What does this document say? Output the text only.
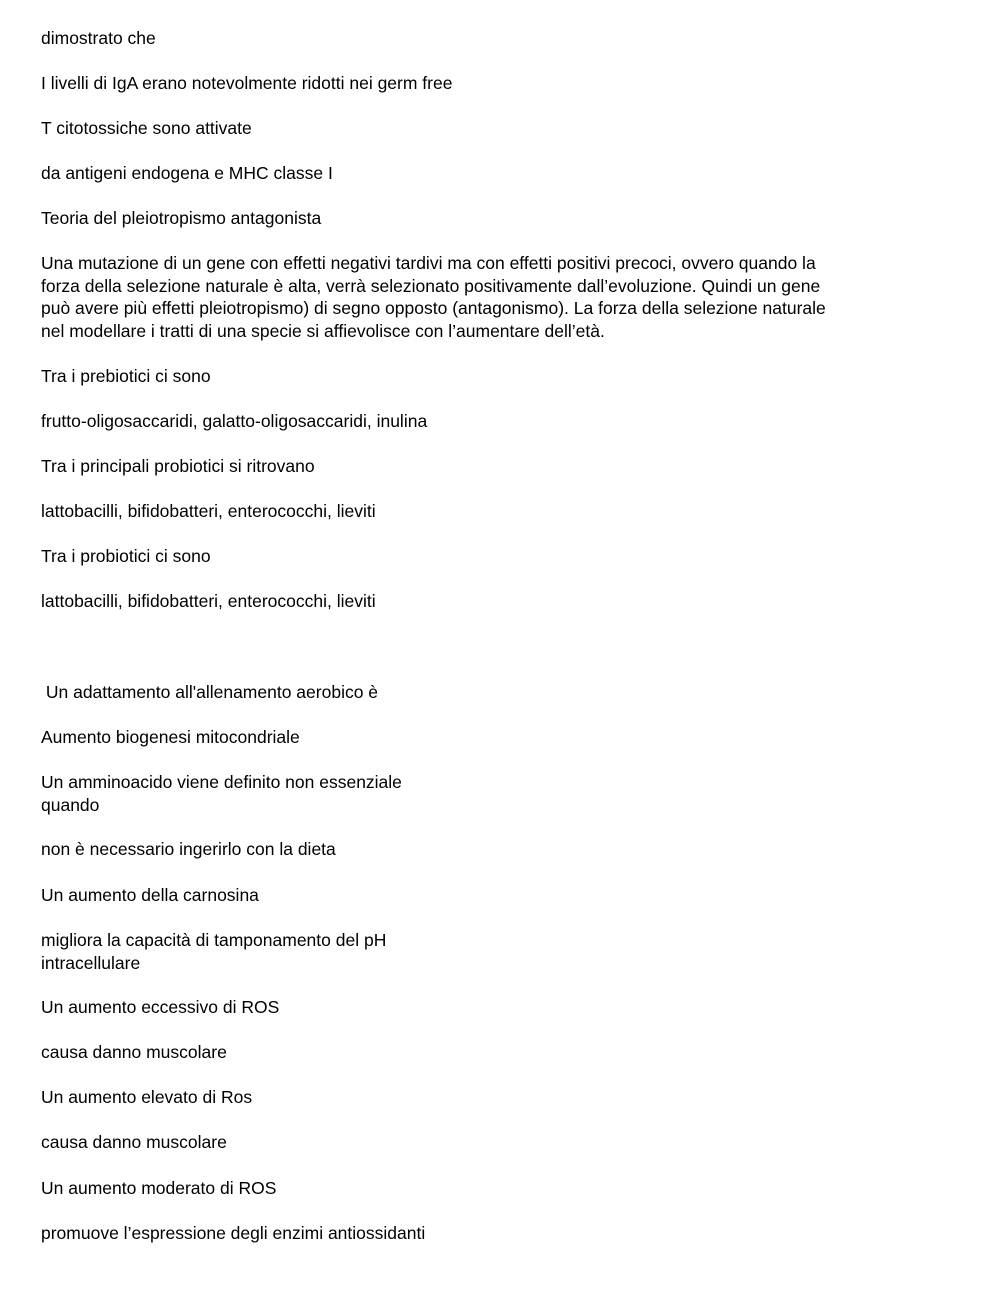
dimostrato che

I livelli di IgA erano notevolmente ridotti nei germ free

T citotossiche sono attivate

da antigeni endogena e MHC classe I

Teoria del pleiotropismo antagonista

Una mutazione di un gene con effetti negativi tardivi ma con effetti positivi precoci, ovvero quando la
forza della selezione naturale è alta, verrà selezionato positivamente dall’evoluzione. Quindi un gene
può avere più effetti pleiotropismo) di segno opposto (antagonismo). La forza della selezione naturale
nel modellare i tratti di una specie si affievolisce con l’aumentare dell’età.

Tra i prebiotici ci sono

frutto-oligosaccaridi, galatto-oligosaccaridi, inulina

Tra i principali probiotici si ritrovano

lattobacilli, bifidobatteri, enterococchi, lieviti

Tra i probiotici ci sono

lattobacilli, bifidobatteri, enterococchi, lieviti

Un adattamento all'allenamento aerobico è

Aumento biogenesi mitocondriale

Un amminoacido viene definito non essenziale
quando

non è necessario ingerirlo con la dieta

Un aumento della carnosina

migliora la capacità di tamponamento del pH
intracellulare

Un aumento eccessivo di ROS

causa danno muscolare

Un aumento elevato di Ros

causa danno muscolare

Un aumento moderato di ROS

promuove l’espressione degli enzimi antiossidanti
